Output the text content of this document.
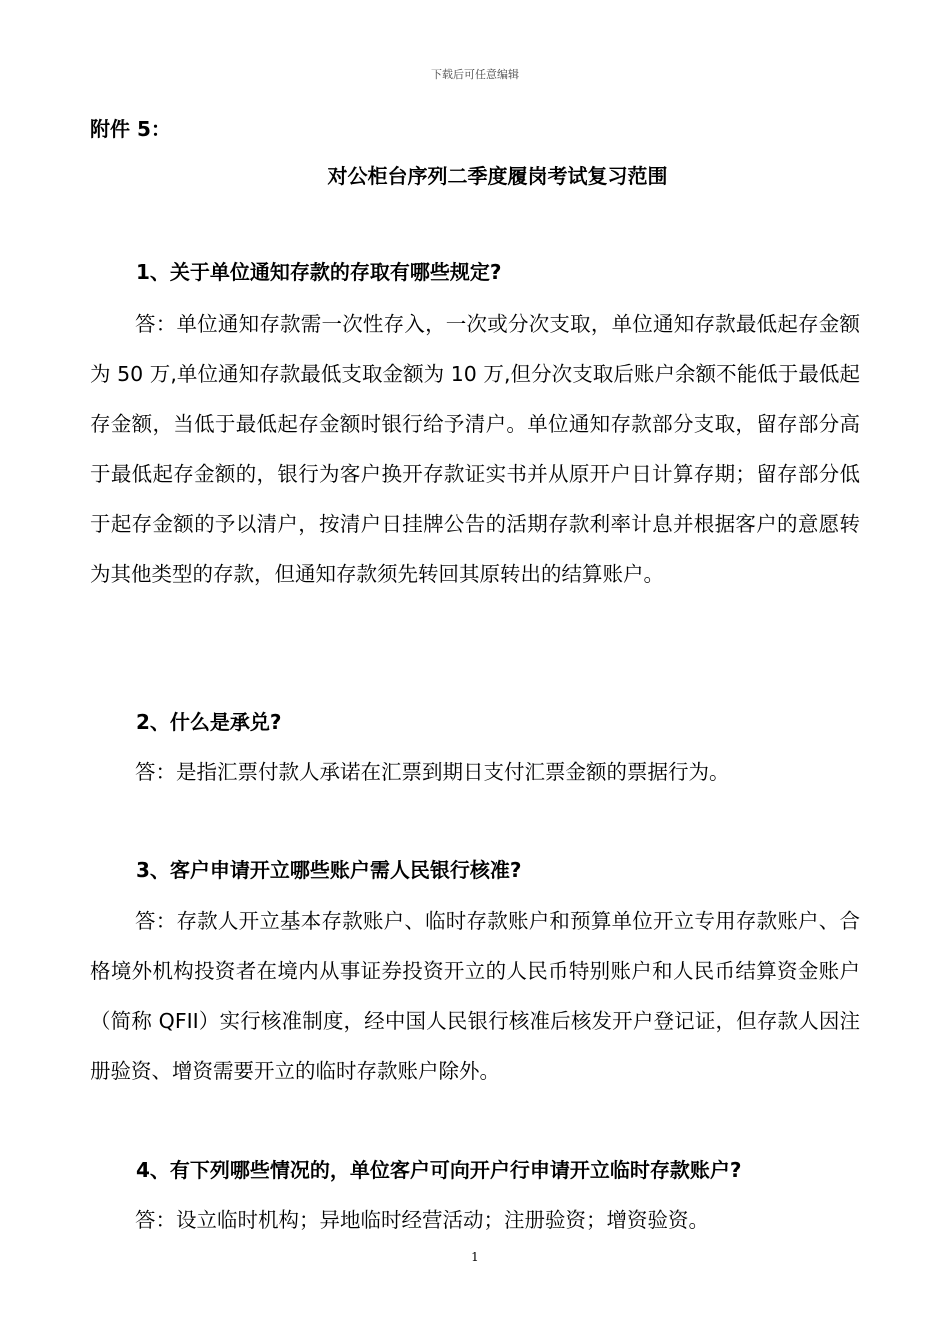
下载后可任意编辑
附件 5：
对公柜台序列二季度履岗考试复习范围
1、关于单位通知存款的存取有哪些规定?
答：单位通知存款需一次性存入，一次或分次支取，单位通知存款最低起存金额为 50 万,单位通知存款最低支取金额为 10 万,但分次支取后账户余额不能低于最低起存金额，当低于最低起存金额时银行给予清户。单位通知存款部分支取，留存部分高于最低起存金额的，银行为客户换开存款证实书并从原开户日计算存期；留存部分低于起存金额的予以清户，按清户日挂牌公告的活期存款利率计息并根据客户的意愿转为其他类型的存款，但通知存款须先转回其原转出的结算账户。
2、什么是承兑?
答：是指汇票付款人承诺在汇票到期日支付汇票金额的票据行为。
3、客户申请开立哪些账户需人民银行核准?
答：存款人开立基本存款账户、临时存款账户和预算单位开立专用存款账户、合格境外机构投资者在境内从事证券投资开立的人民币特别账户和人民币结算资金账户（简称 QFII）实行核准制度，经中国人民银行核准后核发开户登记证，但存款人因注册验资、增资需要开立的临时存款账户除外。
4、有下列哪些情况的，单位客户可向开户行申请开立临时存款账户?
答：设立临时机构；异地临时经营活动；注册验资；增资验资。
1
